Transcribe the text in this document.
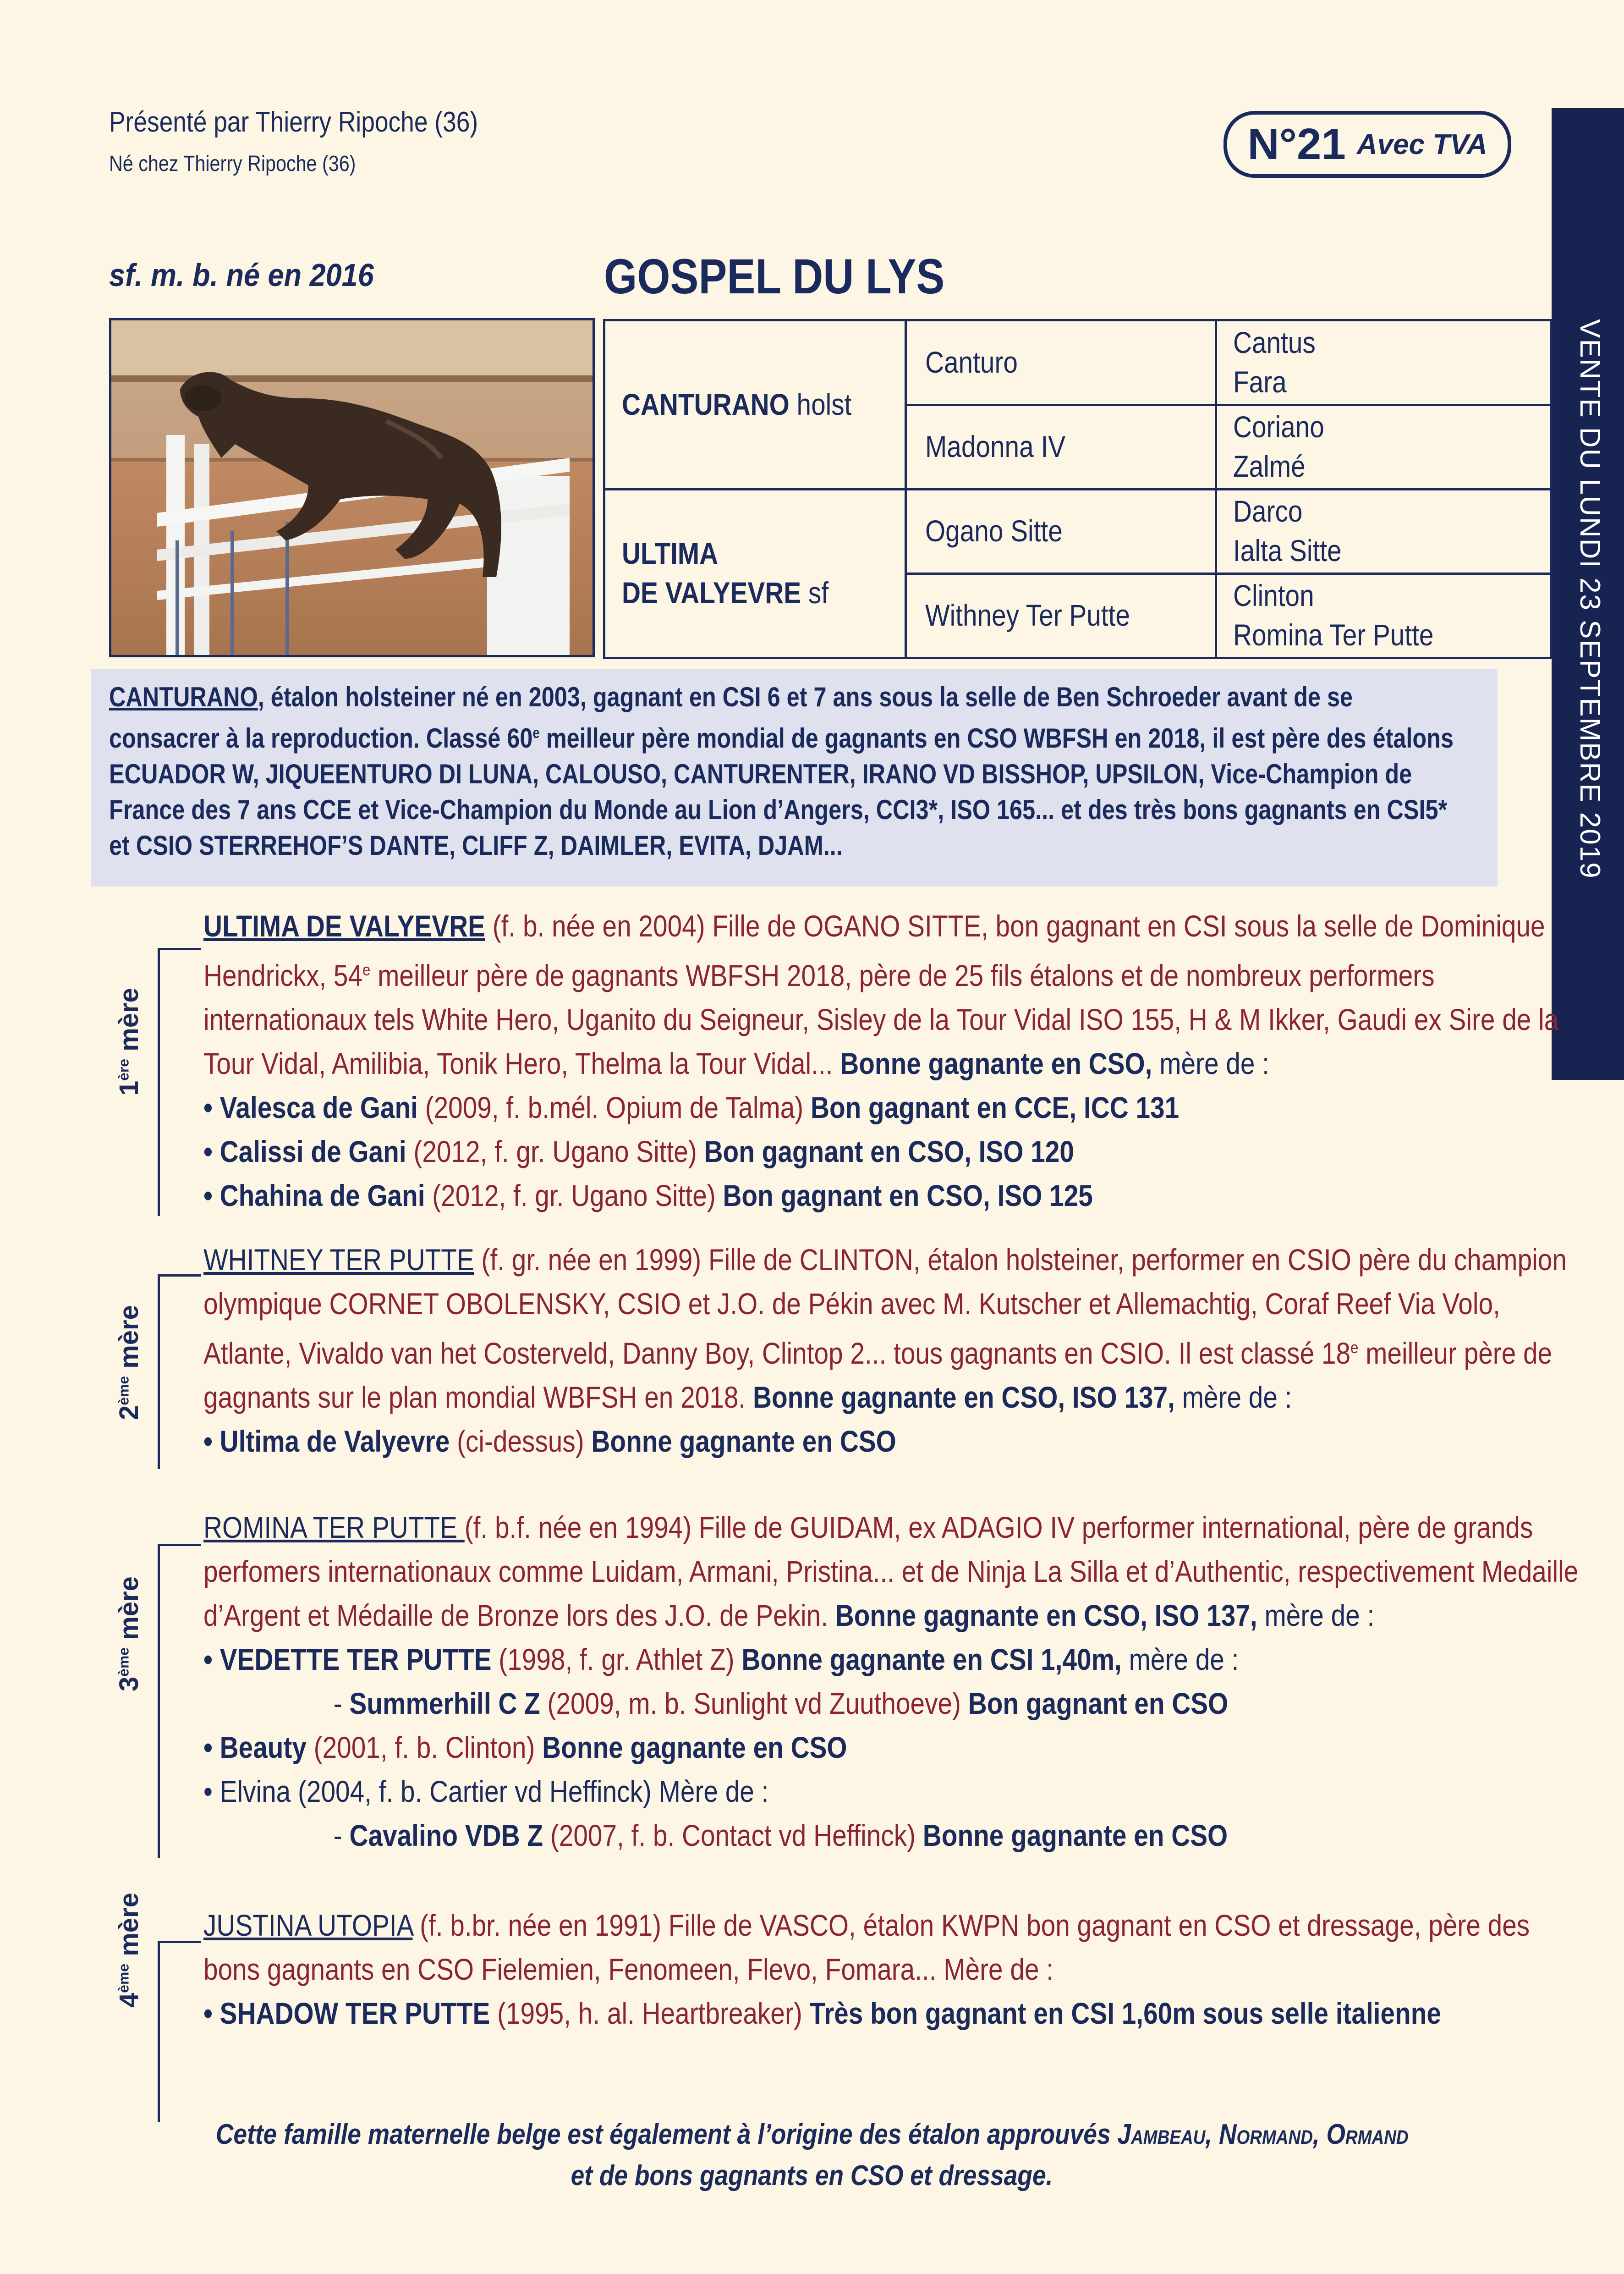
Présenté par Thierry Ripoche (36)
Né chez Thierry Ripoche (36)	N°21 Avec TVA
VENTE DU LUNDI 23 SEPTEMBRE 2019
sf. m. b. né en 2016	GOSPEL DU LYS
CANTURANO holst
ULTIMA
DE VALYEVRE sf
Canturo
Madonna IV
Ogano Sitte
Withney Ter Putte
Cantus
Fara
Coriano
Zalmé
Darco
Ialta Sitte
Clinton
Romina Ter Putte
CANTURANO, étalon holsteiner né en 2003, gagnant en CSI 6 et 7 ans sous la selle de Ben Schroeder avant de se consacrer à la reproduction. Classé 60e meilleur père mondial de gagnants en CSO WBFSH en 2018, il est père des étalons ECUADOR W, JIQUEENTURO DI LUNA, CALOUSO, CANTURENTER, IRANO VD BISSHOP, UPSILON, Vice-Champion de France des 7 ans CCE et Vice-Champion du Monde au Lion d’Angers, CCI3*, ISO 165... et des très bons gagnants en CSI5* et CSIO STERREHOF’S DANTE, CLIFF Z, DAIMLER, EVITA, DJAM...
1ère mère

ULTIMA DE VALYEVRE (f. b. née en 2004) Fille de OGANO SITTE, bon gagnant en CSI sous la selle de Dominique Hendrickx, 54e meilleur père de gagnants WBFSH 2018, père de 25 fils étalons et de nombreux performers internationaux tels White Hero, Uganito du Seigneur, Sisley de la Tour Vidal ISO 155, H & M Ikker, Gaudi ex Sire de la Tour Vidal, Amilibia, Tonik Hero, Thelma la Tour Vidal... Bonne gagnante en CSO, mère de :

• Valesca de Gani (2009, f. b.mél. Opium de Talma) Bon gagnant en CCE, ICC 131

• Calissi de Gani (2012, f. gr. Ugano Sitte) Bon gagnant en CSO, ISO 120

• Chahina de Gani (2012, f. gr. Ugano Sitte) Bon gagnant en CSO, ISO 125

2ème mère

WHITNEY TER PUTTE (f. gr. née en 1999) Fille de CLINTON, étalon holsteiner, performer en CSIO père du champion olympique CORNET OBOLENSKY, CSIO et J.O. de Pékin avec M. Kutscher et Allemachtig, Coraf Reef Via Volo, Atlante, Vivaldo van het Costerveld, Danny Boy, Clintop 2... tous gagnants en CSIO. Il est classé 18e meilleur père de gagnants sur le plan mondial WBFSH en 2018. Bonne gagnante en CSO, ISO 137, mère de :

• Ultima de Valyevre (ci-dessus) Bonne gagnante en CSO

3ème mère

ROMINA TER PUTTE (f. b.f. née en 1994) Fille de GUIDAM, ex ADAGIO IV performer international, père de grands perfomers internationaux comme Luidam, Armani, Pristina... et de Ninja La Silla et d’Authentic, respectivement Medaille d’Argent et Médaille de Bronze lors des J.O. de Pekin. Bonne gagnante en CSO, ISO 137, mère de :

• VEDETTE TER PUTTE (1998, f. gr. Athlet Z) Bonne gagnante en CSI 1,40m, mère de :

- Summerhill C Z (2009, m. b. Sunlight vd Zuuthoeve) Bon gagnant en CSO

• Beauty (2001, f. b. Clinton) Bonne gagnante en CSO

• Elvina (2004, f. b. Cartier vd Heffinck) Mère de :

- Cavalino VDB Z (2007, f. b. Contact vd Heffinck) Bonne gagnante en CSO

4ème mère JUSTINA UTOPIA (f. b.br. née en 1991) Fille de VASCO, étalon KWPN bon gagnant en CSO et dressage, père des bons gagnants en CSO Fielemien, Fenomeen, Flevo, Fomara... Mère de :

• SHADOW TER PUTTE (1995, h. al. Heartbreaker) Très bon gagnant en CSI 1,60m sous selle italienne

Cette famille maternelle belge est également à l’origine des étalon approuvés Jambeau, Normand, Ormand
et de bons gagnants en CSO et dressage.
